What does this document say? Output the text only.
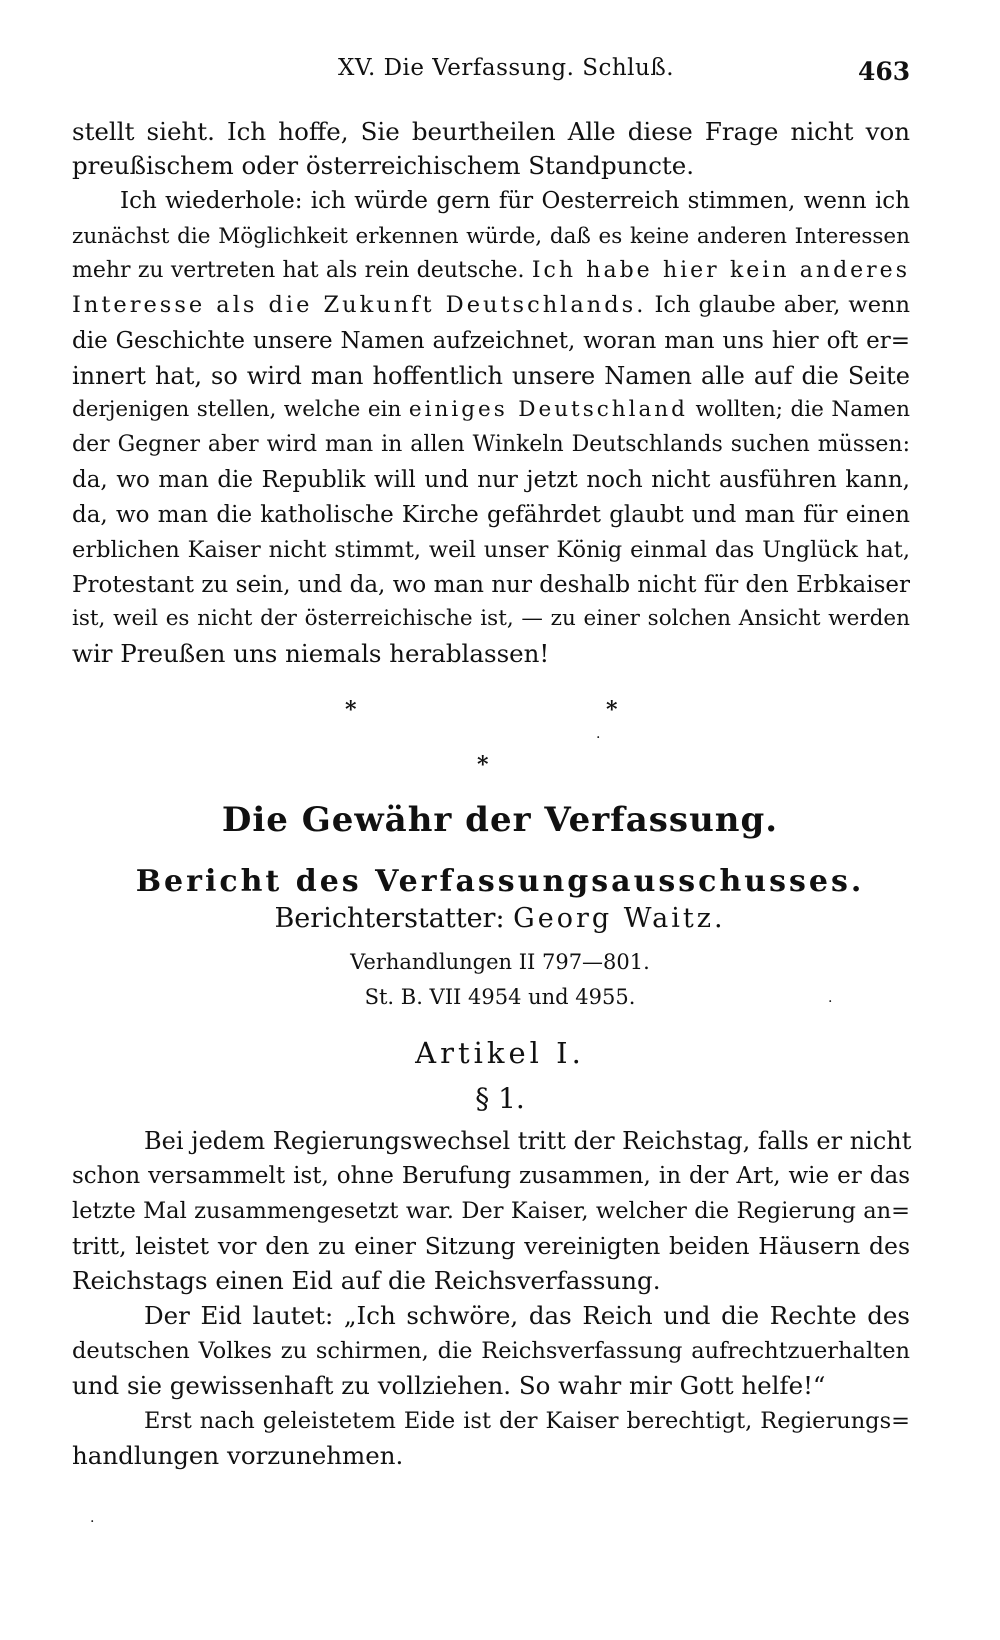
XV. Die Verfassung. Schluß.	463
stellt sieht. Ich hoffe, Sie beurtheilen Alle diese Frage nicht von
preußischem oder österreichischem Standpuncte.
Ich wiederhole: ich würde gern für Oesterreich stimmen, wenn ich
zunächst die Möglichkeit erkennen würde, daß es keine anderen Interessen
mehr zu vertreten hat als rein deutsche. Ich habe hier kein anderes
Interesse als die Zukunft Deutschlands. Ich glaube aber, wenn
die Geschichte unsere Namen aufzeichnet, woran man uns hier oft er=
innert hat, so wird man hoffentlich unsere Namen alle auf die Seite
derjenigen stellen, welche ein einiges Deutschland wollten; die Namen
der Gegner aber wird man in allen Winkeln Deutschlands suchen müssen:
da, wo man die Republik will und nur jetzt noch nicht ausführen kann,
da, wo man die katholische Kirche gefährdet glaubt und man für einen
erblichen Kaiser nicht stimmt, weil unser König einmal das Unglück hat,
Protestant zu sein, und da, wo man nur deshalb nicht für den Erbkaiser
ist, weil es nicht der österreichische ist, — zu einer solchen Ansicht werden
wir Preußen uns niemals herablassen!
*	*
*
.
Die Gewähr der Verfassung.
Bericht des Verfassungsausschusses.
Berichterstatter: Georg Waitz.
Verhandlungen II 797—801.
St. B. VII 4954 und 4955.	.
Artikel I.
§ 1.
Bei jedem Regierungswechsel tritt der Reichstag, falls er nicht
schon versammelt ist, ohne Berufung zusammen, in der Art, wie er das
letzte Mal zusammengesetzt war. Der Kaiser, welcher die Regierung an=
tritt, leistet vor den zu einer Sitzung vereinigten beiden Häusern des
Reichstags einen Eid auf die Reichsverfassung.
Der Eid lautet: „Ich schwöre, das Reich und die Rechte des
deutschen Volkes zu schirmen, die Reichsverfassung aufrechtzuerhalten
und sie gewissenhaft zu vollziehen. So wahr mir Gott helfe!“
Erst nach geleistetem Eide ist der Kaiser berechtigt, Regierungs=
handlungen vorzunehmen.
.
